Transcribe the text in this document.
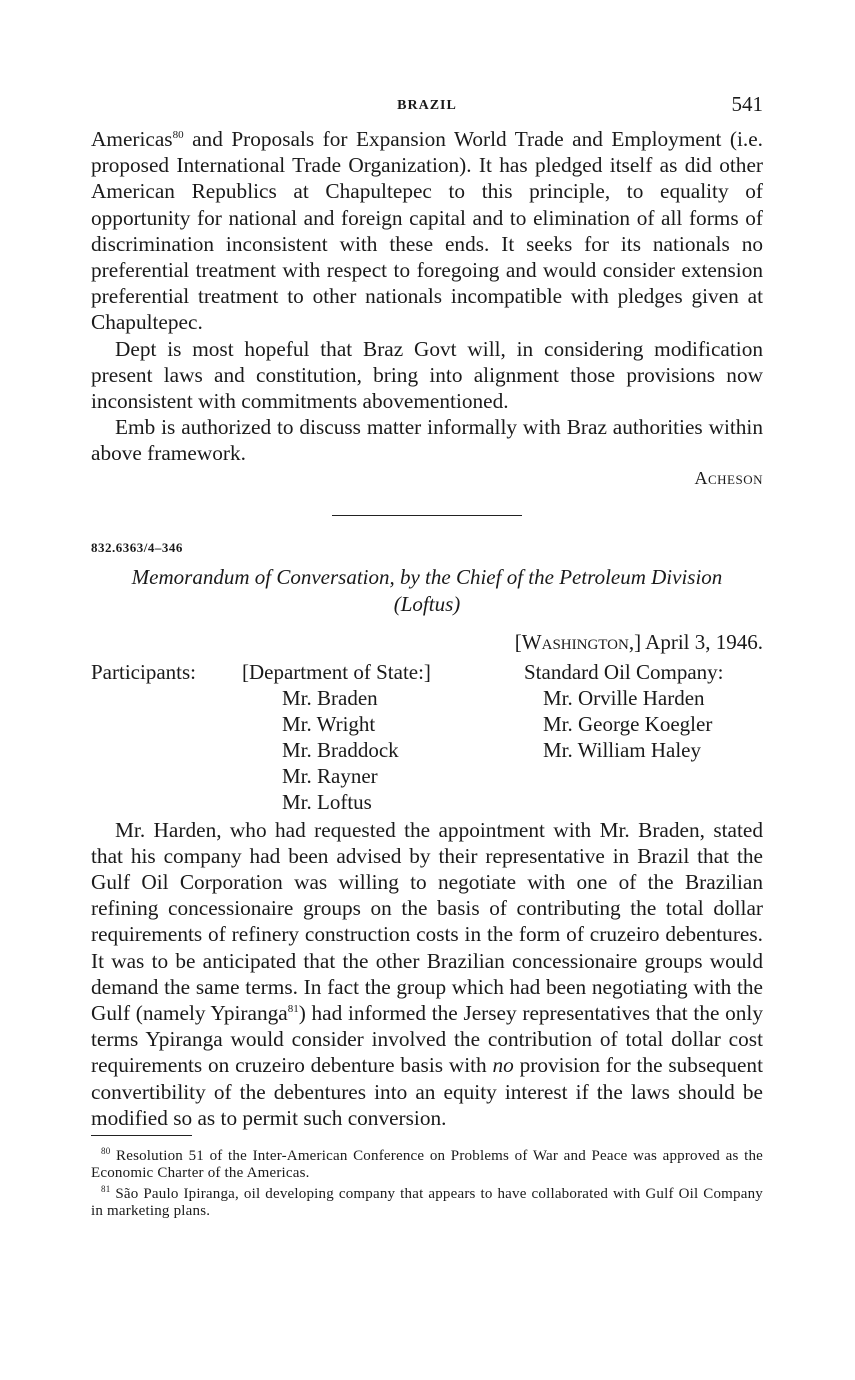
BRAZIL	541

Americas$^{80}$ and Proposals for Expansion World Trade and Employment (i.e. proposed International Trade Organization). It has pledged itself as did other American Republics at Chapultepec to this principle, to equality of opportunity for national and foreign capital and to elimination of all forms of discrimination inconsistent with these ends. It seeks for its nationals no preferential treatment with respect to foregoing and would consider extension preferential treatment to other nationals incompatible with pledges given at Chapultepec.

Dept is most hopeful that Braz Govt will, in considering modification present laws and constitution, bring into alignment those provisions now inconsistent with commitments abovementioned.

Emb is authorized to discuss matter informally with Braz authorities within above framework.

Acheson
832.6363/4–346

Memorandum of Conversation, by the Chief of the Petroleum Division
(Loftus)

[Washington,] April 3, 1946.
Participants: [Department of State:]
Mr. Braden
Mr. Wright
Mr. Braddock
Mr. Rayner
Mr. Loftus
Standard Oil Company:
Mr. Orville Harden
Mr. George Koegler
Mr. William Haley

Mr. Harden, who had requested the appointment with Mr. Braden, stated that his company had been advised by their representative in Brazil that the Gulf Oil Corporation was willing to negotiate with one of the Brazilian refining concessionaire groups on the basis of contributing the total dollar requirements of refinery construction costs in the form of cruzeiro debentures. It was to be anticipated that the other Brazilian concessionaire groups would demand the same terms. In fact the group which had been negotiating with the Gulf (namely Ypiranga$^{81}$) had informed the Jersey representatives that the only terms Ypiranga would consider involved the contribution of total dollar cost requirements on cruzeiro debenture basis with no provision for the subsequent convertibility of the debentures into an equity interest if the laws should be modified so as to permit such conversion.

$^{80}$ Resolution 51 of the Inter-American Conference on Problems of War and Peace was approved as the Economic Charter of the Americas.

$^{81}$ São Paulo Ipiranga, oil developing company that appears to have collaborated with Gulf Oil Company in marketing plans.
